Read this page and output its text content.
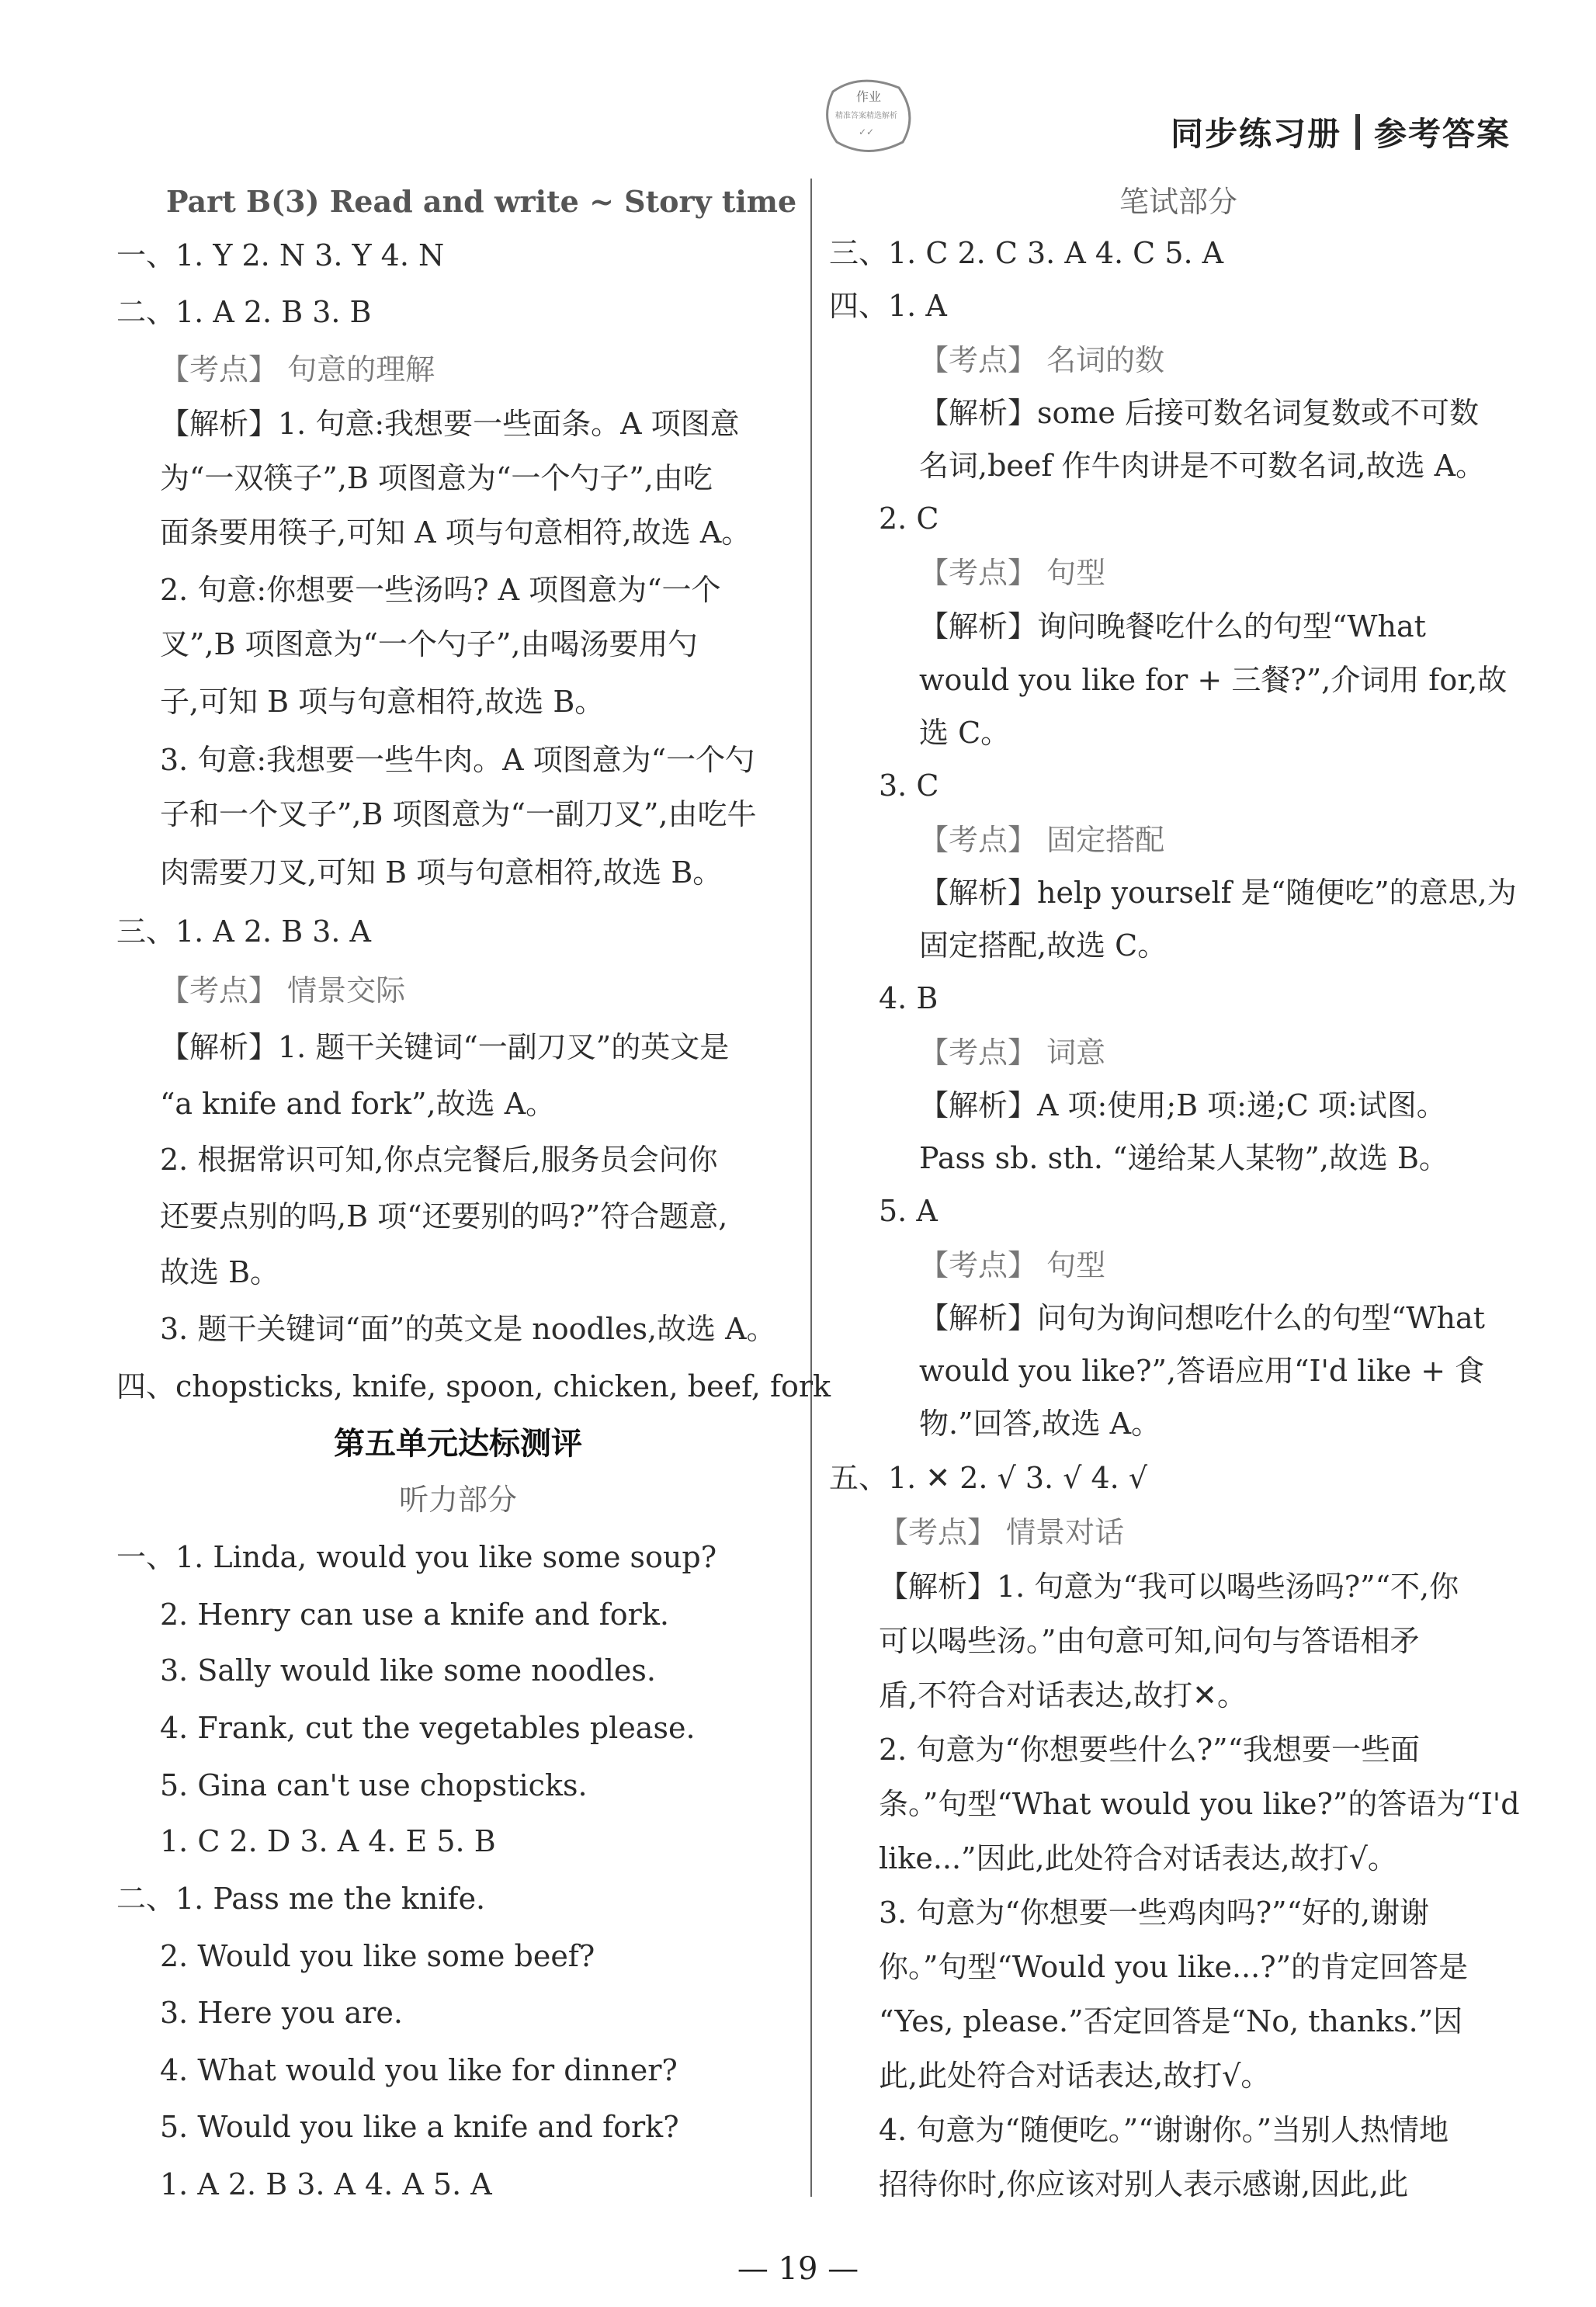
同步练习册 参考答案
作业
精准答案精选解析
✓✓
Part B(3) Read and write ~ Story time
一、1. Y 2. N 3. Y 4. N
二、1. A 2. B 3. B
【考点】 句意的理解
【解析】1. 句意:我想要一些面条。A 项图意
为“一双筷子”,B 项图意为“一个勺子”,由吃
面条要用筷子,可知 A 项与句意相符,故选 A。
2. 句意:你想要一些汤吗? A 项图意为“一个
叉”,B 项图意为“一个勺子”,由喝汤要用勺
子,可知 B 项与句意相符,故选 B。
3. 句意:我想要一些牛肉。A 项图意为“一个勺
子和一个叉子”,B 项图意为“一副刀叉”,由吃牛
肉需要刀叉,可知 B 项与句意相符,故选 B。
三、1. A 2. B 3. A
【考点】 情景交际
【解析】1. 题干关键词“一副刀叉”的英文是
“a knife and fork”,故选 A。
2. 根据常识可知,你点完餐后,服务员会问你
还要点别的吗,B 项“还要别的吗?”符合题意,
故选 B。
3. 题干关键词“面”的英文是 noodles,故选 A。
四、chopsticks, knife, spoon, chicken, beef, fork
第五单元达标测评
听力部分
一、1. Linda, would you like some soup?
2. Henry can use a knife and fork.
3. Sally would like some noodles.
4. Frank, cut the vegetables please.
5. Gina can't use chopsticks.
1. C 2. D 3. A 4. E 5. B
二、1. Pass me the knife.
2. Would you like some beef?
3. Here you are.
4. What would you like for dinner?
5. Would you like a knife and fork?
1. A 2. B 3. A 4. A 5. A
笔试部分
三、1. C 2. C 3. A 4. C 5. A
四、1. A
【考点】 名词的数
【解析】some 后接可数名词复数或不可数
名词,beef 作牛肉讲是不可数名词,故选 A。
2. C
【考点】 句型
【解析】询问晚餐吃什么的句型“What
would you like for + 三餐?”,介词用 for,故
选 C。
3. C
【考点】 固定搭配
【解析】help yourself 是“随便吃”的意思,为
固定搭配,故选 C。
4. B
【考点】 词意
【解析】A 项:使用;B 项:递;C 项:试图。
Pass sb. sth. “递给某人某物”,故选 B。
5. A
【考点】 句型
【解析】问句为询问想吃什么的句型“What
would you like?”,答语应用“I'd like + 食
物.”回答,故选 A。
五、1. ✕ 2. √ 3. √ 4. √
【考点】 情景对话
【解析】1. 句意为“我可以喝些汤吗?”“不,你
可以喝些汤。”由句意可知,问句与答语相矛
盾,不符合对话表达,故打✕。
2. 句意为“你想要些什么?”“我想要一些面
条。”句型“What would you like?”的答语为“I'd
like...”因此,此处符合对话表达,故打√。
3. 句意为“你想要一些鸡肉吗?”“好的,谢谢
你。”句型“Would you like...?”的肯定回答是
“Yes, please.”否定回答是“No, thanks.”因
此,此处符合对话表达,故打√。
4. 句意为“随便吃。”“谢谢你。”当别人热情地
招待你时,你应该对别人表示感谢,因此,此
— 19 —
